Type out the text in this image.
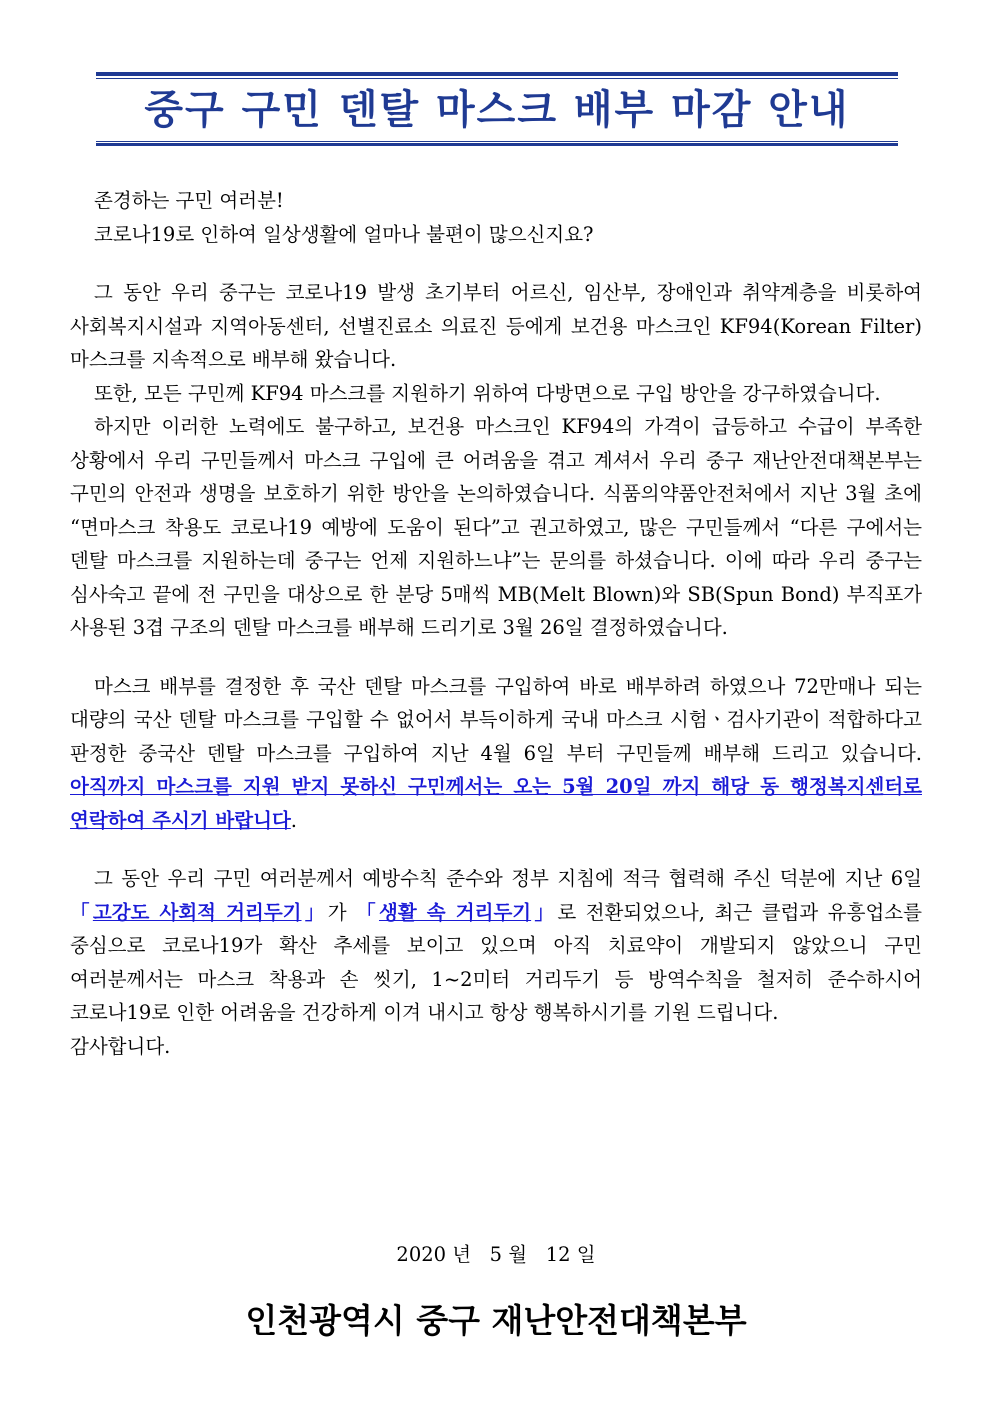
중구 구민 덴탈 마스크 배부 마감 안내

존경하는 구민 여러분!

코로나19로 인하여 일상생활에 얼마나 불편이 많으신지요?

그 동안 우리 중구는 코로나19 발생 초기부터 어르신, 임산부, 장애인과 취약계층을 비롯하여 사회복지시설과 지역아동센터, 선별진료소 의료진 등에게 보건용 마스크인 KF94(Korean Filter) 마스크를 지속적으로 배부해 왔습니다.

또한, 모든 구민께 KF94 마스크를 지원하기 위하여 다방면으로 구입 방안을 강구하였습니다.

하지만 이러한 노력에도 불구하고, 보건용 마스크인 KF94의 가격이 급등하고 수급이 부족한 상황에서 우리 구민들께서 마스크 구입에 큰 어려움을 겪고 계셔서 우리 중구 재난안전대책본부는 구민의 안전과 생명을 보호하기 위한 방안을 논의하였습니다. 식품의약품안전처에서 지난 3월 초에 “면마스크 착용도 코로나19 예방에 도움이 된다”고 권고하였고, 많은 구민들께서 “다른 구에서는 덴탈 마스크를 지원하는데 중구는 언제 지원하느냐”는 문의를 하셨습니다. 이에 따라 우리 중구는 심사숙고 끝에 전 구민을 대상으로 한 분당 5매씩 MB(Melt Blown)와 SB(Spun Bond) 부직포가 사용된 3겹 구조의 덴탈 마스크를 배부해 드리기로 3월 26일 결정하였습니다.

마스크 배부를 결정한 후 국산 덴탈 마스크를 구입하여 바로 배부하려 하였으나 72만매나 되는 대량의 국산 덴탈 마스크를 구입할 수 없어서 부득이하게 국내 마스크 시험ㆍ검사기관이 적합하다고 판정한 중국산 덴탈 마스크를 구입하여 지난 4월 6일 부터 구민들께 배부해 드리고 있습니다. 아직까지 마스크를 지원 받지 못하신 구민께서는 오는 5월 20일 까지 해당 동 행정복지센터로 연락하여 주시기 바랍니다.

그 동안 우리 구민 여러분께서 예방수칙 준수와 정부 지침에 적극 협력해 주신 덕분에 지난 6일 「고강도 사회적 거리두기」가 「생활 속 거리두기」로 전환되었으나, 최근 클럽과 유흥업소를 중심으로 코로나19가 확산 추세를 보이고 있으며 아직 치료약이 개발되지 않았으니 구민 여러분께서는 마스크 착용과 손 씻기, 1~2미터 거리두기 등 방역수칙을 철저히 준수하시어 코로나19로 인한 어려움을 건강하게 이겨 내시고 항상 행복하시기를 기원 드립니다.

감사합니다.

2020 년   5 월   12 일
인천광역시 중구 재난안전대책본부
